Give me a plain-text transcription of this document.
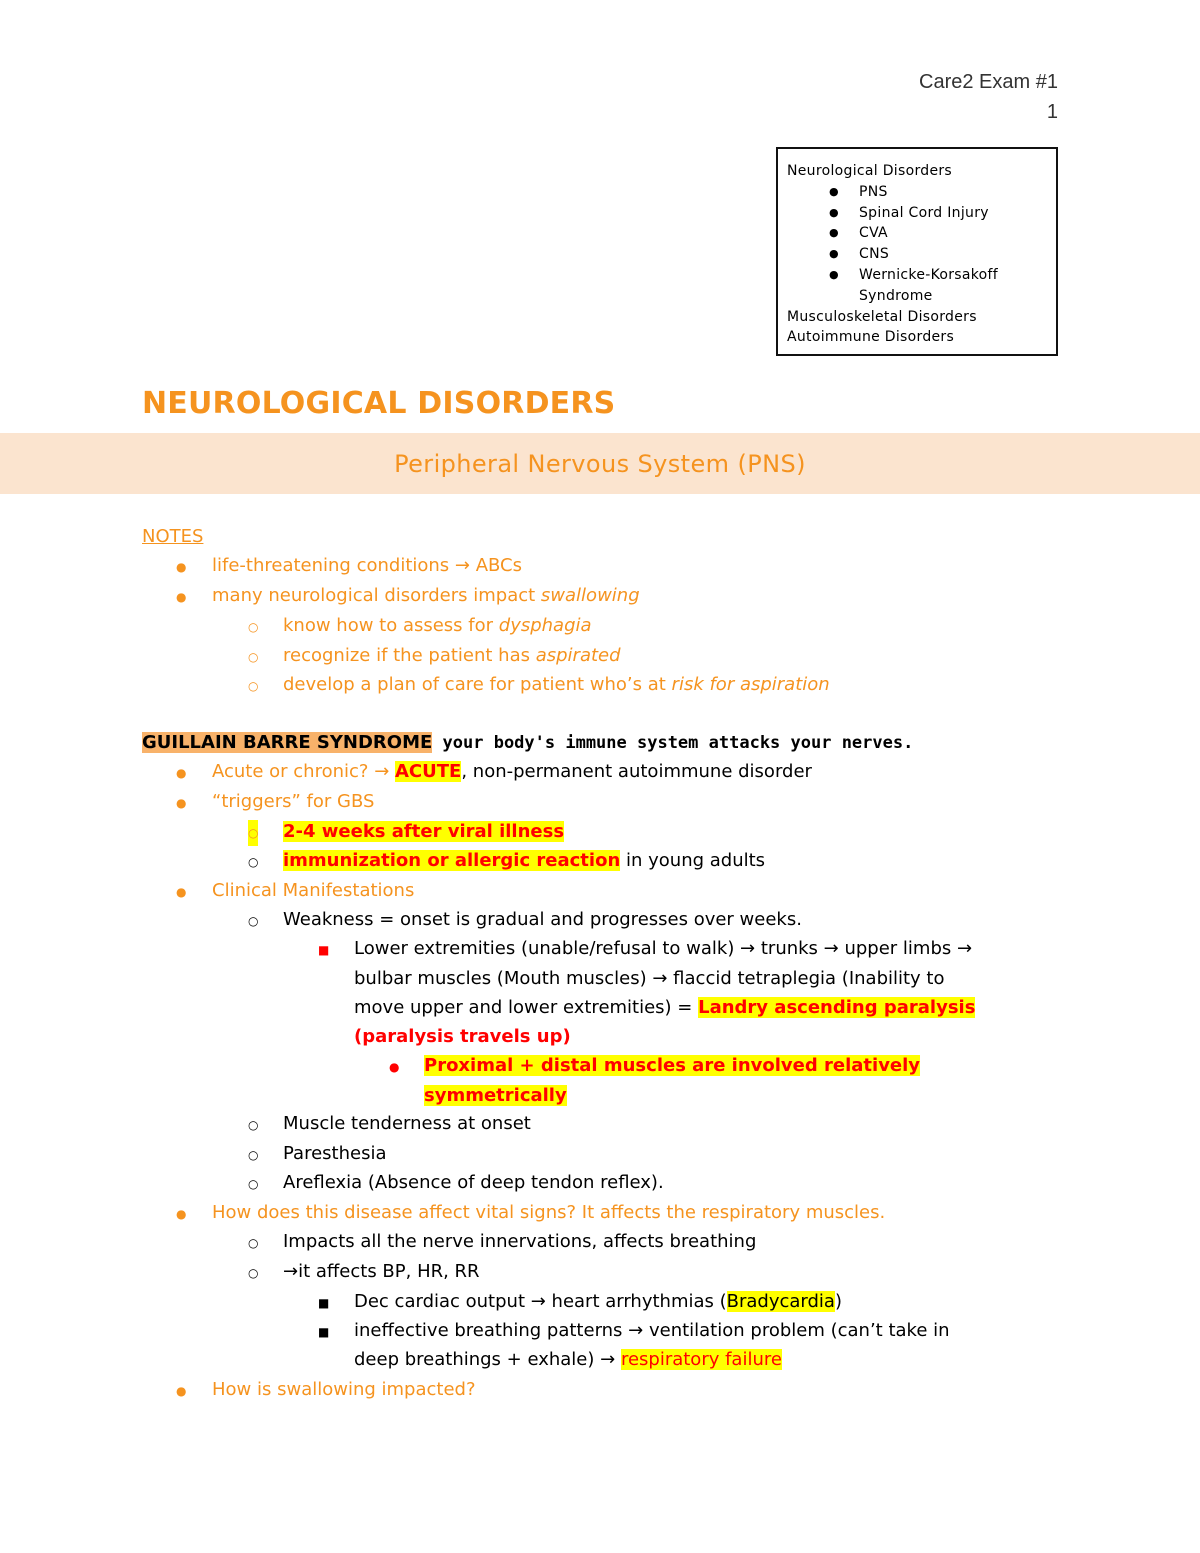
Care2 Exam #1
1
Neurological Disorders
●	PNS
●	Spinal Cord Injury
●	CVA
●	CNS
●	Wernicke-Korsakoff Syndrome
Musculoskeletal Disorders
Autoimmune Disorders
NEUROLOGICAL DISORDERS
Peripheral Nervous System (PNS)
NOTES
● life-threatening conditions → ABCs
● many neurological disorders impact swallowing
○ know how to assess for dysphagia
○ recognize if the patient has aspirated
○ develop a plan of care for patient who’s at risk for aspiration
GUILLAIN BARRE SYNDROME your body's immune system attacks your nerves.
● Acute or chronic? → ACUTE, non-permanent autoimmune disorder
● “triggers” for GBS
○ 2-4 weeks after viral illness
○ immunization or allergic reaction in young adults
● Clinical Manifestations
○ Weakness = onset is gradual and progresses over weeks.
■ Lower extremities (unable/refusal to walk) → trunks → upper limbs →
bulbar muscles (Mouth muscles) → flaccid tetraplegia (Inability to
move upper and lower extremities) = Landry ascending paralysis
(paralysis travels up)
● Proximal + distal muscles are involved relatively
symmetrically
○ Muscle tenderness at onset
○ Paresthesia
○ Areflexia (Absence of deep tendon reflex).
● How does this disease affect vital signs? It affects the respiratory muscles.
○ Impacts all the nerve innervations, affects breathing
○ →it affects BP, HR, RR
■ Dec cardiac output → heart arrhythmias (Bradycardia)
■ ineffective breathing patterns → ventilation problem (can’t take in
deep breathings + exhale) → respiratory failure
● How is swallowing impacted?
